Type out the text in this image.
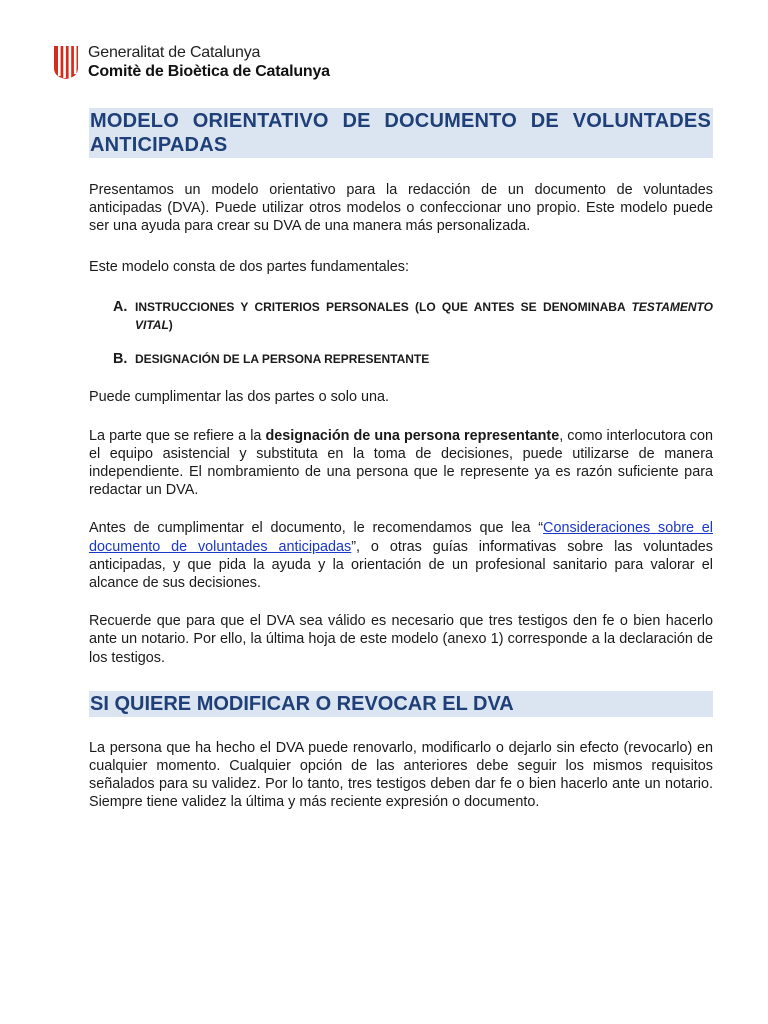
Generalitat de Catalunya
Comitè de Bioètica de Catalunya
MODELO ORIENTATIVO DE DOCUMENTO DE VOLUNTADES ANTICIPADAS

Presentamos un modelo orientativo para la redacción de un documento de voluntades anticipadas (DVA). Puede utilizar otros modelos o confeccionar uno propio. Este modelo puede ser una ayuda para crear su DVA de una manera más personalizada.

Este modelo consta de dos partes fundamentales:

A. INSTRUCCIONES Y CRITERIOS PERSONALES (LO QUE ANTES SE DENOMINABA TESTAMENTO VITAL)
B. DESIGNACIÓN DE LA PERSONA REPRESENTANTE

Puede cumplimentar las dos partes o solo una.

La parte que se refiere a la designación de una persona representante, como interlocutora con el equipo asistencial y substituta en la toma de decisiones, puede utilizarse de manera independiente. El nombramiento de una persona que le represente ya es razón suficiente para redactar un DVA.

Antes de cumplimentar el documento, le recomendamos que lea “Consideraciones sobre el documento de voluntades anticipadas”, o otras guías informativas sobre las voluntades anticipadas, y que pida la ayuda y la orientación de un profesional sanitario para valorar el alcance de sus decisiones.

Recuerde que para que el DVA sea válido es necesario que tres testigos den fe o bien hacerlo ante un notario. Por ello, la última hoja de este modelo (anexo 1) corresponde a la declaración de los testigos.

SI QUIERE MODIFICAR O REVOCAR EL DVA

La persona que ha hecho el DVA puede renovarlo, modificarlo o dejarlo sin efecto (revocarlo) en cualquier momento. Cualquier opción de las anteriores debe seguir los mismos requisitos señalados para su validez. Por lo tanto, tres testigos deben dar fe o bien hacerlo ante un notario. Siempre tiene validez la última y más reciente expresión o documento.
